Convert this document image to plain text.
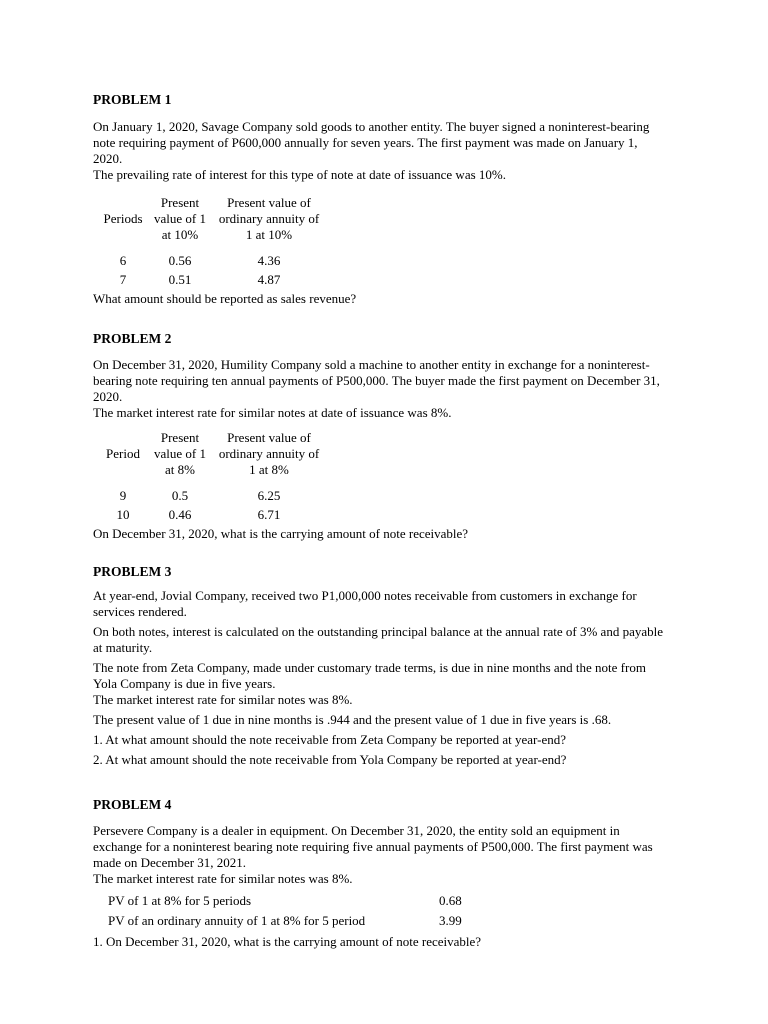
PROBLEM 1

On January 1, 2020, Savage Company sold goods to another entity. The buyer signed a noninterest-bearing note requiring payment of P600,000 annually for seven years. The first payment was made on January 1, 2020.

The prevailing rate of interest for this type of note at date of issuance was 10%.

	Present	Present value of
Periods	value of 1	ordinary annuity of
	at 10%	1 at 10%

6	0.56	4.36

7	0.51	4.87
What amount should be reported as sales revenue?
PROBLEM 2

On December 31, 2020, Humility Company sold a machine to another entity in exchange for a noninterest-bearing note requiring ten annual payments of P500,000. The buyer made the first payment on December 31, 2020.

The market interest rate for similar notes at date of issuance was 8%.

	Present	Present value of
Period	value of 1	ordinary annuity of
	at 8%	1 at 8%

9	0.5	6.25

10	0.46	6.71
On December 31, 2020, what is the carrying amount of note receivable?
PROBLEM 3

At year-end, Jovial Company, received two P1,000,000 notes receivable from customers in exchange for services rendered.

On both notes, interest is calculated on the outstanding principal balance at the annual rate of 3% and payable at maturity.

The note from Zeta Company, made under customary trade terms, is due in nine months and the note from Yola Company is due in five years.

The market interest rate for similar notes was 8%.

The present value of 1 due in nine months is .944 and the present value of 1 due in five years is .68.

1. At what amount should the note receivable from Zeta Company be reported at year-end?

2. At what amount should the note receivable from Yola Company be reported at year-end?

PROBLEM 4

Persevere Company is a dealer in equipment. On December 31, 2020, the entity sold an equipment in exchange for a noninterest bearing note requiring five annual payments of P500,000. The first payment was made on December 31, 2021.

The market interest rate for similar notes was 8%.

PV of 1 at 8% for 5 periods	0.68
PV of an ordinary annuity of 1 at 8% for 5 period	3.99
1. On December 31, 2020, what is the carrying amount of note receivable?
